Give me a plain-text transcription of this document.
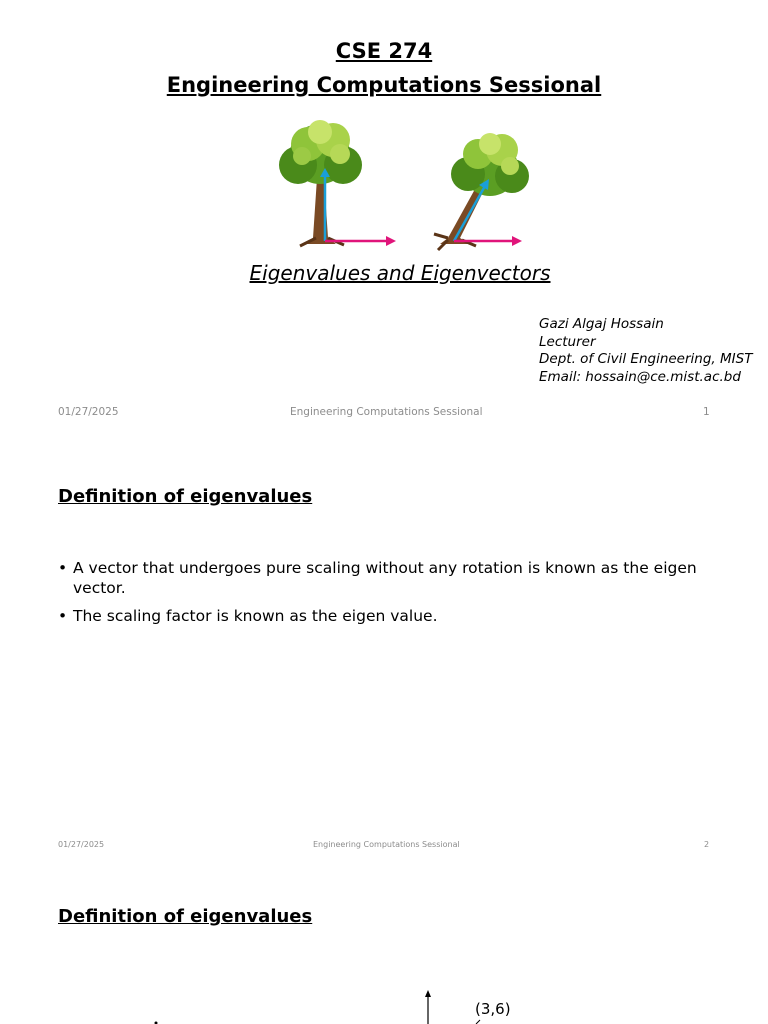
CSE 274
Engineering Computations Sessional
Eigenvalues and Eigenvectors
Gazi Algaj Hossain
Lecturer
Dept. of Civil Engineering, MIST
Email: hossain@ce.mist.ac.bd
01/27/2025	Engineering Computations Sessional	1
Definition of eigenvalues
• A vector that undergoes pure scaling without any rotation is known as the eigen vector.
• The scaling factor is known as the eigen value.
01/27/2025	Engineering Computations Sessional	2
Definition of eigenvalues
(3,6)
